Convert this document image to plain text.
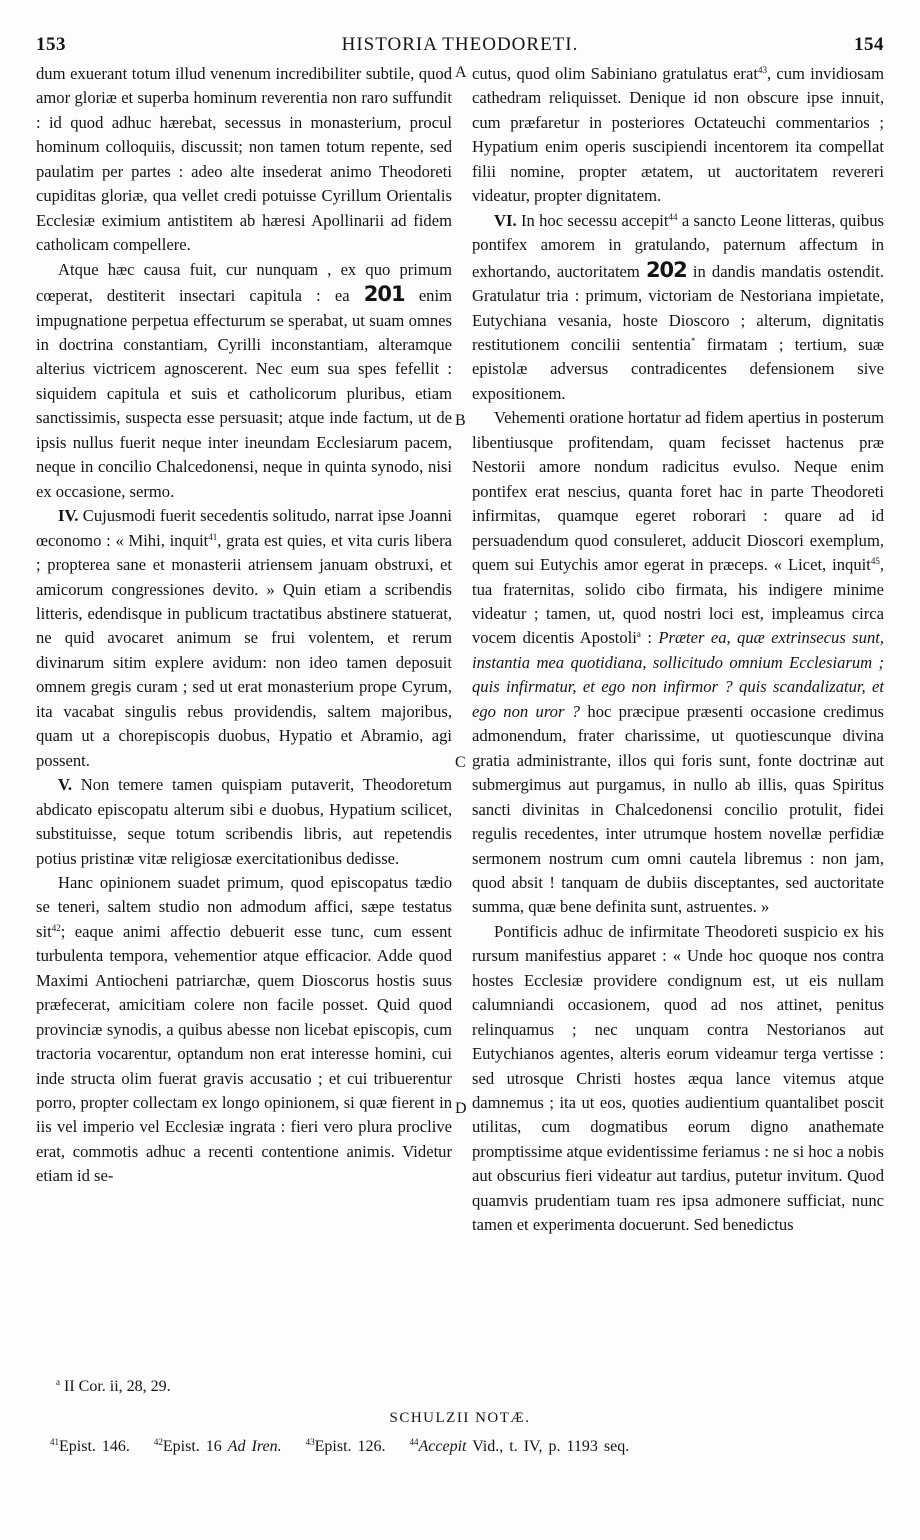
153	HISTORIA THEODORETI.	154
A
B
C
D

dum exuerant totum illud venenum incredibiliter subtile, quod amor gloriæ et superba hominum reverentia non raro suffundit : id quod adhuc hærebat, secessus in monasterium, procul hominum colloquiis, discussit; non tamen totum repente, sed paulatim per partes : adeo alte insederat animo Theodoreti cupiditas gloriæ, qua vellet credi potuisse Cyrillum Orientalis Ecclesiæ eximium antistitem ab hæresi Apollinarii ad fidem catholicam compellere.

Atque hæc causa fuit, cur nunquam , ex quo primum cœperat, destiterit insectari capitula : ea 201 enim impugnatione perpetua effecturum se sperabat, ut suam omnes in doctrina constantiam, Cyrilli inconstantiam, alteramque alterius victricem agnoscerent. Nec eum sua spes fefellit : siquidem capitula et suis et catholicorum pluribus, etiam sanctissimis, suspecta esse persuasit; atque inde factum, ut de ipsis nullus fuerit neque inter ineundam Ecclesiarum pacem, neque in concilio Chalcedonensi, neque in quinta synodo, nisi ex occasione, sermo.

IV. Cujusmodi fuerit secedentis solitudo, narrat ipse Joanni œconomo : « Mihi, inquit$^{41}$, grata est quies, et vita curis libera ; propterea sane et monasterii atriensem januam obstruxi, et amicorum congressiones devito. » Quin etiam a scribendis litteris, edendisque in publicum tractatibus abstinere statuerat, ne quid avocaret animum se frui volentem, et rerum divinarum sitim explere avidum: non ideo tamen deposuit omnem gregis curam ; sed ut erat monasterium prope Cyrum, ita vacabat singulis rebus providendis, saltem majoribus, quam ut a chorepiscopis duobus, Hypatio et Abramio, agi possent.

V. Non temere tamen quispiam putaverit, Theodoretum abdicato episcopatu alterum sibi e duobus, Hypatium scilicet, substituisse, seque totum scribendis libris, aut repetendis potius pristinæ vitæ religiosæ exercitationibus dedisse.

Hanc opinionem suadet primum, quod episcopatus tædio se teneri, saltem studio non admodum affici, sæpe testatus sit$^{42}$; eaque animi affectio debuerit esse tunc, cum essent turbulenta tempora, vehementior atque efficacior. Adde quod Maximi Antiocheni patriarchæ, quem Dioscorus hostis suus præfecerat, amicitiam colere non facile posset. Quid quod provinciæ synodis, a quibus abesse non licebat episcopis, cum tractoria vocarentur, optandum non erat interesse homini, cui inde structa olim fuerat gravis accusatio ; et cui tribuerentur porro, propter collectam ex longo opinionem, si quæ fierent in iis vel imperio vel Ecclesiæ ingrata : fieri vero plura proclive erat, commotis adhuc a recenti contentione animis. Videtur etiam id se-

cutus, quod olim Sabiniano gratulatus erat$^{43}$, cum invidiosam cathedram reliquisset. Denique id non obscure ipse innuit, cum præfaretur in posteriores Octateuchi commentarios ; Hypatium enim operis suscipiendi incentorem ita compellat filii nomine, propter ætatem, ut auctoritatem revereri videatur, propter dignitatem.

VI. In hoc secessu accepit$^{44}$ a sancto Leone litteras, quibus pontifex amorem in gratulando, paternum affectum in exhortando, auctoritatem 202 in dandis mandatis ostendit. Gratulatur tria : primum, victoriam de Nestoriana impietate, Eutychiana vesania, hoste Dioscoro ; alterum, dignitatis restitutionem concilii sententia* firmatam ; tertium, suæ epistolæ adversus contradicentes defensionem sive expositionem.

Vehementi oratione hortatur ad fidem apertius in posterum libentiusque profitendam, quam fecisset hactenus præ Nestorii amore nondum radicitus evulso. Neque enim pontifex erat nescius, quanta foret hac in parte Theodoreti infirmitas, quamque egeret roborari : quare ad id persuadendum quod consuleret, adducit Dioscori exemplum, quem sui Eutychis amor egerat in præceps. « Licet, inquit$^{45}$, tua fraternitas, solido cibo firmata, his indigere minime videatur ; tamen, ut, quod nostri loci est, impleamus circa vocem dicentis Apostoli$^a$ : Præter ea, quæ extrinsecus sunt, instantia mea quotidiana, sollicitudo omnium Ecclesiarum ; quis infirmatur, et ego non infirmor ? quis scandalizatur, et ego non uror ? hoc præcipue præsenti occasione credimus admonendum, frater charissime, ut quotiescunque divina gratia administrante, illos qui foris sunt, fonte doctrinæ aut submergimus aut purgamus, in nullo ab illis, quas Spiritus sancti divinitas in Chalcedonensi concilio protulit, fidei regulis recedentes, inter utrumque hostem novellæ perfidiæ sermonem nostrum cum omni cautela libremus : non jam, quod absit ! tanquam de dubiis disceptantes, sed auctoritate summa, quæ bene definita sunt, astruentes. »

Pontificis adhuc de infirmitate Theodoreti suspicio ex his rursum manifestius apparet : « Unde hoc quoque nos contra hostes Ecclesiæ providere condignum est, ut eis nullam calumniandi occasionem, quod ad nos attinet, penitus relinquamus ; nec unquam contra Nestorianos aut Eutychianos agentes, alteris eorum videamur terga vertisse : sed utrosque Christi hostes æqua lance vitemus atque damnemus ; ita ut eos, quoties audientium quantalibet poscit utilitas, cum dogmatibus eorum digno anathemate promptissime atque evidentissime feriamus : ne si hoc a nobis aut obscurius fieri videatur aut tardius, putetur invitum. Quod quamvis prudentiam tuam res ipsa admonere sufficiat, nunc tamen et experimenta docuerunt. Sed benedictus

$^a$ II Cor. ii, 28, 29.
SCHULZII NOTÆ.
$^{41}$Epist. 146.	$^{42}$Epist. 16 Ad Iren.	$^{43}$Epist. 126.	$^{44}$Accepit Vid., t. IV, p. 1193 seq.
